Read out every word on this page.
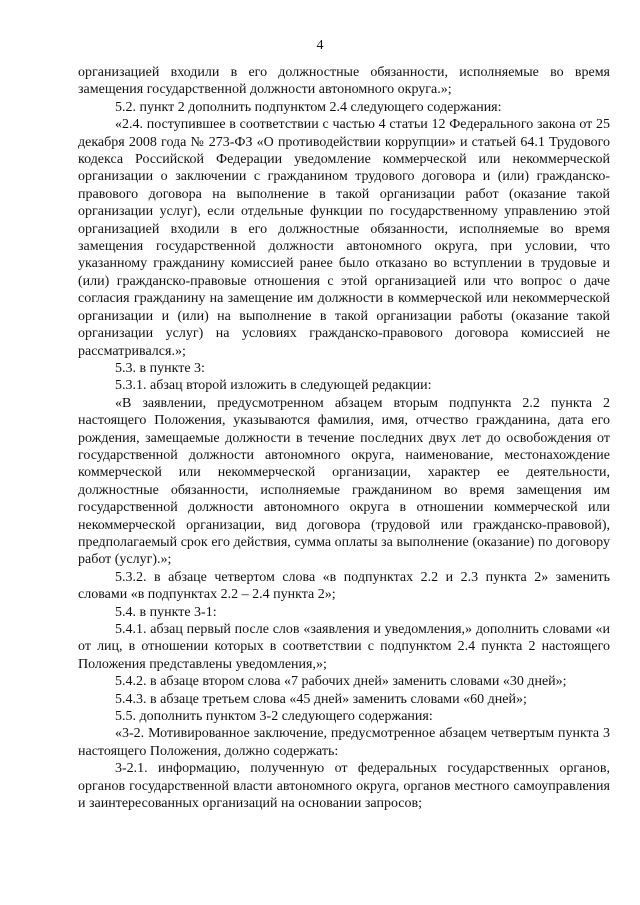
4

организацией входили в его должностные обязанности, исполняемые во время замещения государственной должности автономного округа.»;

5.2. пункт 2 дополнить подпунктом 2.4 следующего содержания:

«2.4. поступившее в соответствии с частью 4 статьи 12 Федерального закона от 25 декабря 2008 года № 273-ФЗ «О противодействии коррупции» и статьей 64.1 Трудового кодекса Российской Федерации уведомление коммерческой или некоммерческой организации о заключении с гражданином трудового договора и (или) гражданско-правового договора на выполнение в такой организации работ (оказание такой организации услуг), если отдельные функции по государственному управлению этой организацией входили в его должностные обязанности, исполняемые во время замещения государственной должности автономного округа, при условии, что указанному гражданину комиссией ранее было отказано во вступлении в трудовые и (или) гражданско-правовые отношения с этой организацией или что вопрос о даче согласия гражданину на замещение им должности в коммерческой или некоммерческой организации и (или) на выполнение в такой организации работы (оказание такой организации услуг) на условиях гражданско-правового договора комиссией не рассматривался.»;

5.3. в пункте 3:

5.3.1. абзац второй изложить в следующей редакции:

«В заявлении, предусмотренном абзацем вторым подпункта 2.2 пункта 2 настоящего Положения, указываются фамилия, имя, отчество гражданина, дата его рождения, замещаемые должности в течение последних двух лет до освобождения от государственной должности автономного округа, наименование, местонахождение коммерческой или некоммерческой организации, характер ее деятельности, должностные обязанности, исполняемые гражданином во время замещения им государственной должности автономного округа в отношении коммерческой или некоммерческой организации, вид договора (трудовой или гражданско-правовой), предполагаемый срок его действия, сумма оплаты за выполнение (оказание) по договору работ (услуг).»;

5.3.2. в абзаце четвертом слова «в подпунктах 2.2 и 2.3 пункта 2» заменить словами «в подпунктах 2.2 – 2.4 пункта 2»;

5.4. в пункте 3-1:

5.4.1. абзац первый после слов «заявления и уведомления,» дополнить словами «и от лиц, в отношении которых в соответствии с подпунктом 2.4 пункта 2 настоящего Положения представлены уведомления,»;

5.4.2. в абзаце втором слова «7 рабочих дней» заменить словами «30 дней»;

5.4.3. в абзаце третьем слова «45 дней» заменить словами «60 дней»;

5.5. дополнить пунктом 3-2 следующего содержания:

«3-2. Мотивированное заключение, предусмотренное абзацем четвертым пункта 3 настоящего Положения, должно содержать:

3-2.1. информацию, полученную от федеральных государственных органов, органов государственной власти автономного округа, органов местного самоуправления и заинтересованных организаций на основании запросов;
